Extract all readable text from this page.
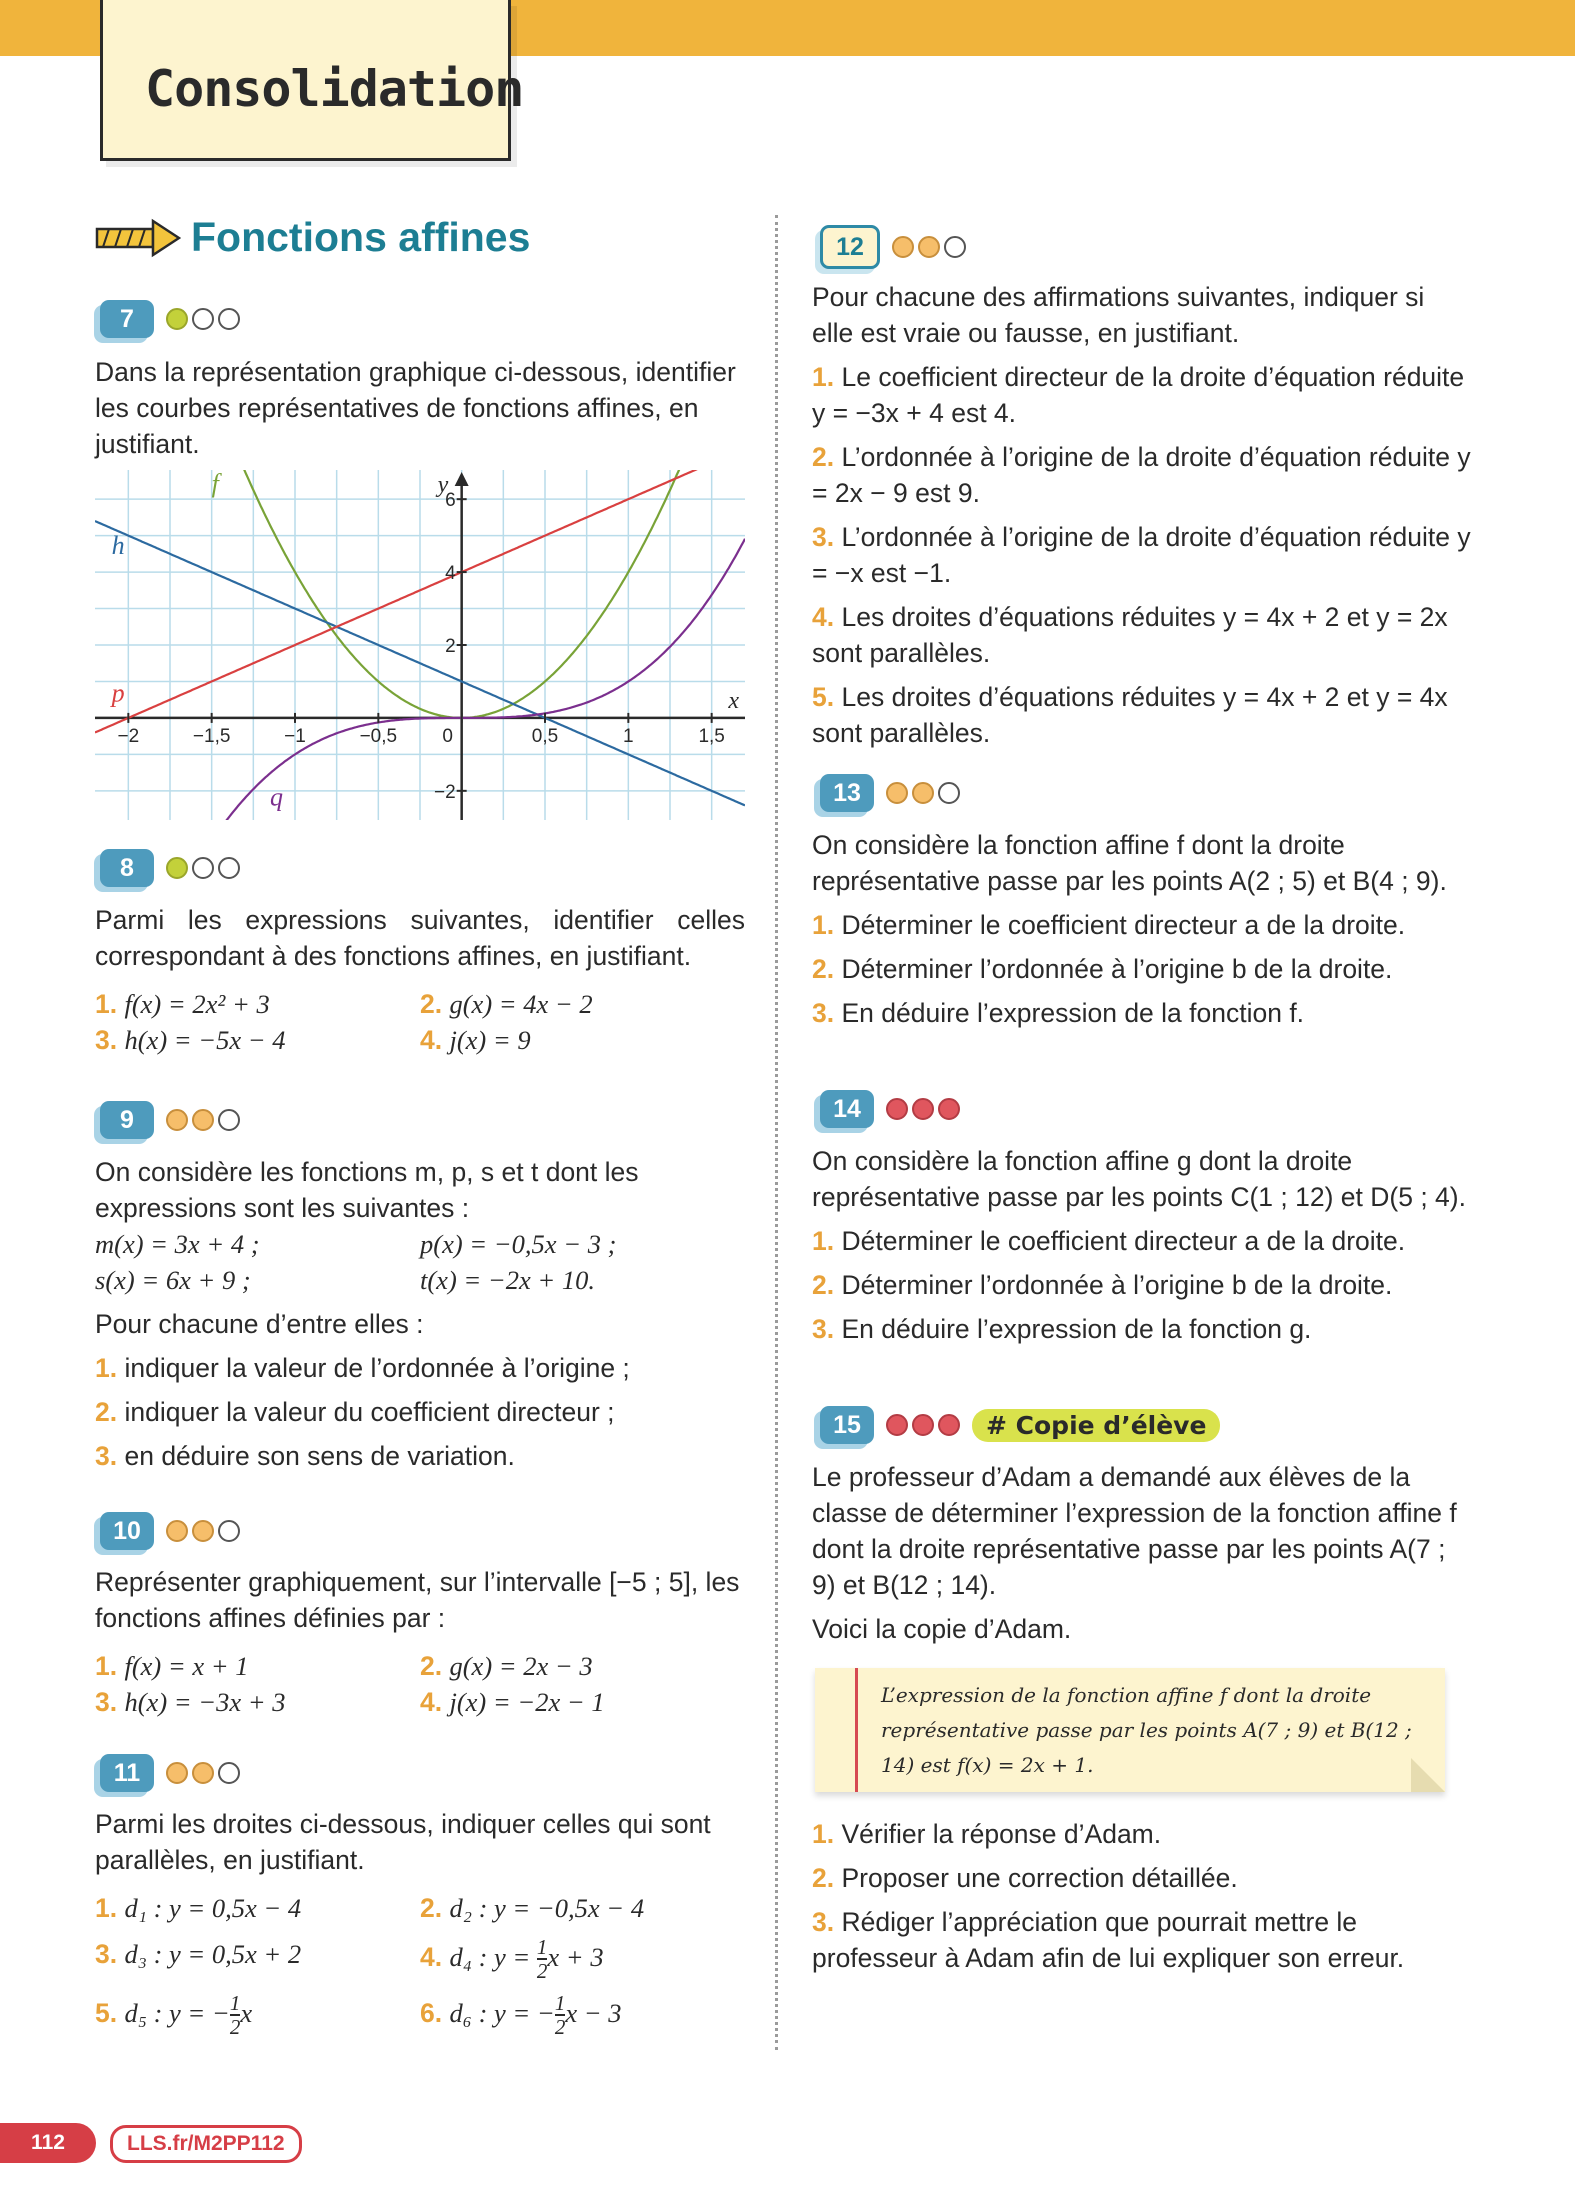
Consolidation
Fonctions affines
7

Dans la représentation graphique ci-dessous, identifier les courbes représentatives de fonctions affines, en justifiant.

f
h
p
q
−2	−1,5	−1	−0,5 0	0,5	1	1,5
−2
2
4
6
x
y
8

Parmi les expressions suivantes, identifier celles correspondant à des fonctions affines, en justifiant.

1. f(x) = 2x² + 3	2. g(x) = 4x − 2
3. h(x) = −5x − 4	4. j(x) = 9
9

On considère les fonctions m, p, s et t dont les expressions sont les suivantes :

m(x) = 3x + 4 ;	p(x) = −0,5x − 3 ;
s(x) = 6x + 9 ;	t(x) = −2x + 10.

Pour chacune d’entre elles :

1. indiquer la valeur de l’ordonnée à l’origine ;

2. indiquer la valeur du coefficient directeur ;

3. en déduire son sens de variation.

10

Représenter graphiquement, sur l’intervalle [−5 ; 5], les fonctions affines définies par :

1. f(x) = x + 1	2. g(x) = 2x − 3
3. h(x) = −3x + 3	4. j(x) = −2x − 1
11

Parmi les droites ci-dessous, indiquer celles qui sont parallèles, en justifiant.

1. d₁ : y = 0,5x − 4	2. d₂ : y = −0,5x − 4
3. d₃ : y = 0,5x + 2	4. d₄ : $y = \frac{1}{2}$ x + 3
5. d₅ : y = − $\frac{1}{2}$ x	6. d₆ : y = − $\frac{1}{2}$ x − 3
12

Pour chacune des affirmations suivantes, indiquer si elle est vraie ou fausse, en justifiant.

1. Le coefficient directeur de la droite d’équation réduite y = −3x + 4 est 4.

2. L’ordonnée à l’origine de la droite d’équation réduite y = 2x − 9 est 9.

3. L’ordonnée à l’origine de la droite d’équation réduite y = −x est −1.

4. Les droites d’équations réduites y = 4x + 2 et y = 2x sont parallèles.

5. Les droites d’équations réduites y = 4x + 2 et y = 4x sont parallèles.

13

On considère la fonction affine f dont la droite représentative passe par les points A(2 ; 5) et B(4 ; 9).

1. Déterminer le coefficient directeur a de la droite.

2. Déterminer l’ordonnée à l’origine b de la droite.

3. En déduire l’expression de la fonction f.

14

On considère la fonction affine g dont la droite représentative passe par les points C(1 ; 12) et D(5 ; 4).

1. Déterminer le coefficient directeur a de la droite.

2. Déterminer l’ordonnée à l’origine b de la droite.

3. En déduire l’expression de la fonction g.

15	# Copie d’élève

Le professeur d’Adam a demandé aux élèves de la classe de déterminer l’expression de la fonction affine f dont la droite représentative passe par les points A(7 ; 9) et B(12 ; 14).

Voici la copie d’Adam.

L’expression de la fonction affine f dont la droite représentative passe par les points A(7 ; 9) et B(12 ; 14) est f(x) = 2x + 1.

1. Vérifier la réponse d’Adam.

2. Proposer une correction détaillée.

3. Rédiger l’appréciation que pourrait mettre le professeur à Adam afin de lui expliquer son erreur.

112	LLS.fr/M2PP112
